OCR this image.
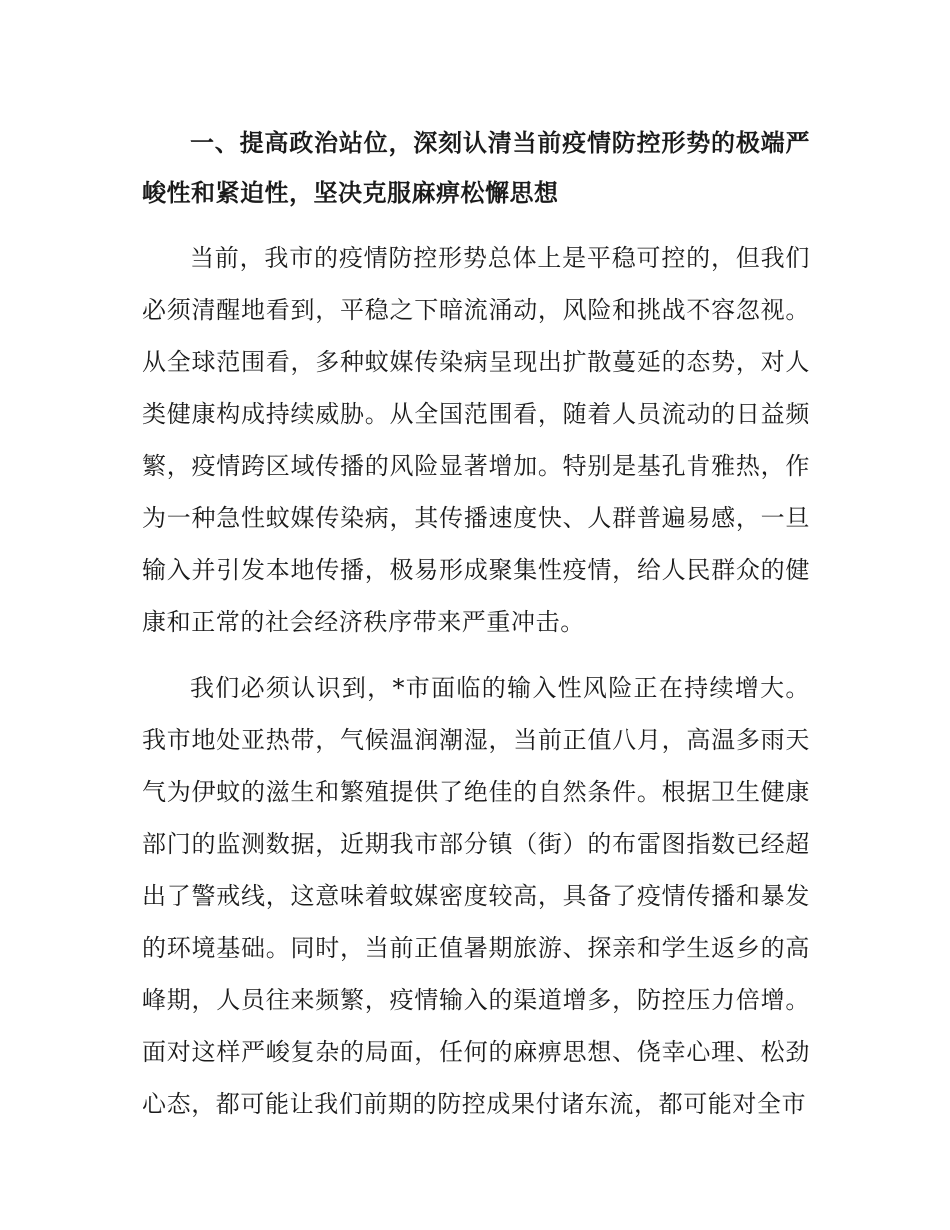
一、提高政治站位，深刻认清当前疫情防控形势的极端严峻性和紧迫性，坚决克服麻痹松懈思想

当前，我市的疫情防控形势总体上是平稳可控的，但我们必须清醒地看到，平稳之下暗流涌动，风险和挑战不容忽视。从全球范围看，多种蚊媒传染病呈现出扩散蔓延的态势，对人类健康构成持续威胁。从全国范围看，随着人员流动的日益频繁，疫情跨区域传播的风险显著增加。特别是基孔肯雅热，作为一种急性蚊媒传染病，其传播速度快、人群普遍易感，一旦输入并引发本地传播，极易形成聚集性疫情，给人民群众的健康和正常的社会经济秩序带来严重冲击。

我们必须认识到，*市面临的输入性风险正在持续增大。我市地处亚热带，气候温润潮湿，当前正值八月，高温多雨天气为伊蚊的滋生和繁殖提供了绝佳的自然条件。根据卫生健康部门的监测数据，近期我市部分镇（街）的布雷图指数已经超出了警戒线，这意味着蚊媒密度较高，具备了疫情传播和暴发的环境基础。同时，当前正值暑期旅游、探亲和学生返乡的高峰期，人员往来频繁，疫情输入的渠道增多，防控压力倍增。面对这样严峻复杂的局面，任何的麻痹思想、侥幸心理、松劲心态，都可能让我们前期的防控成果付诸东流，都可能对全市
